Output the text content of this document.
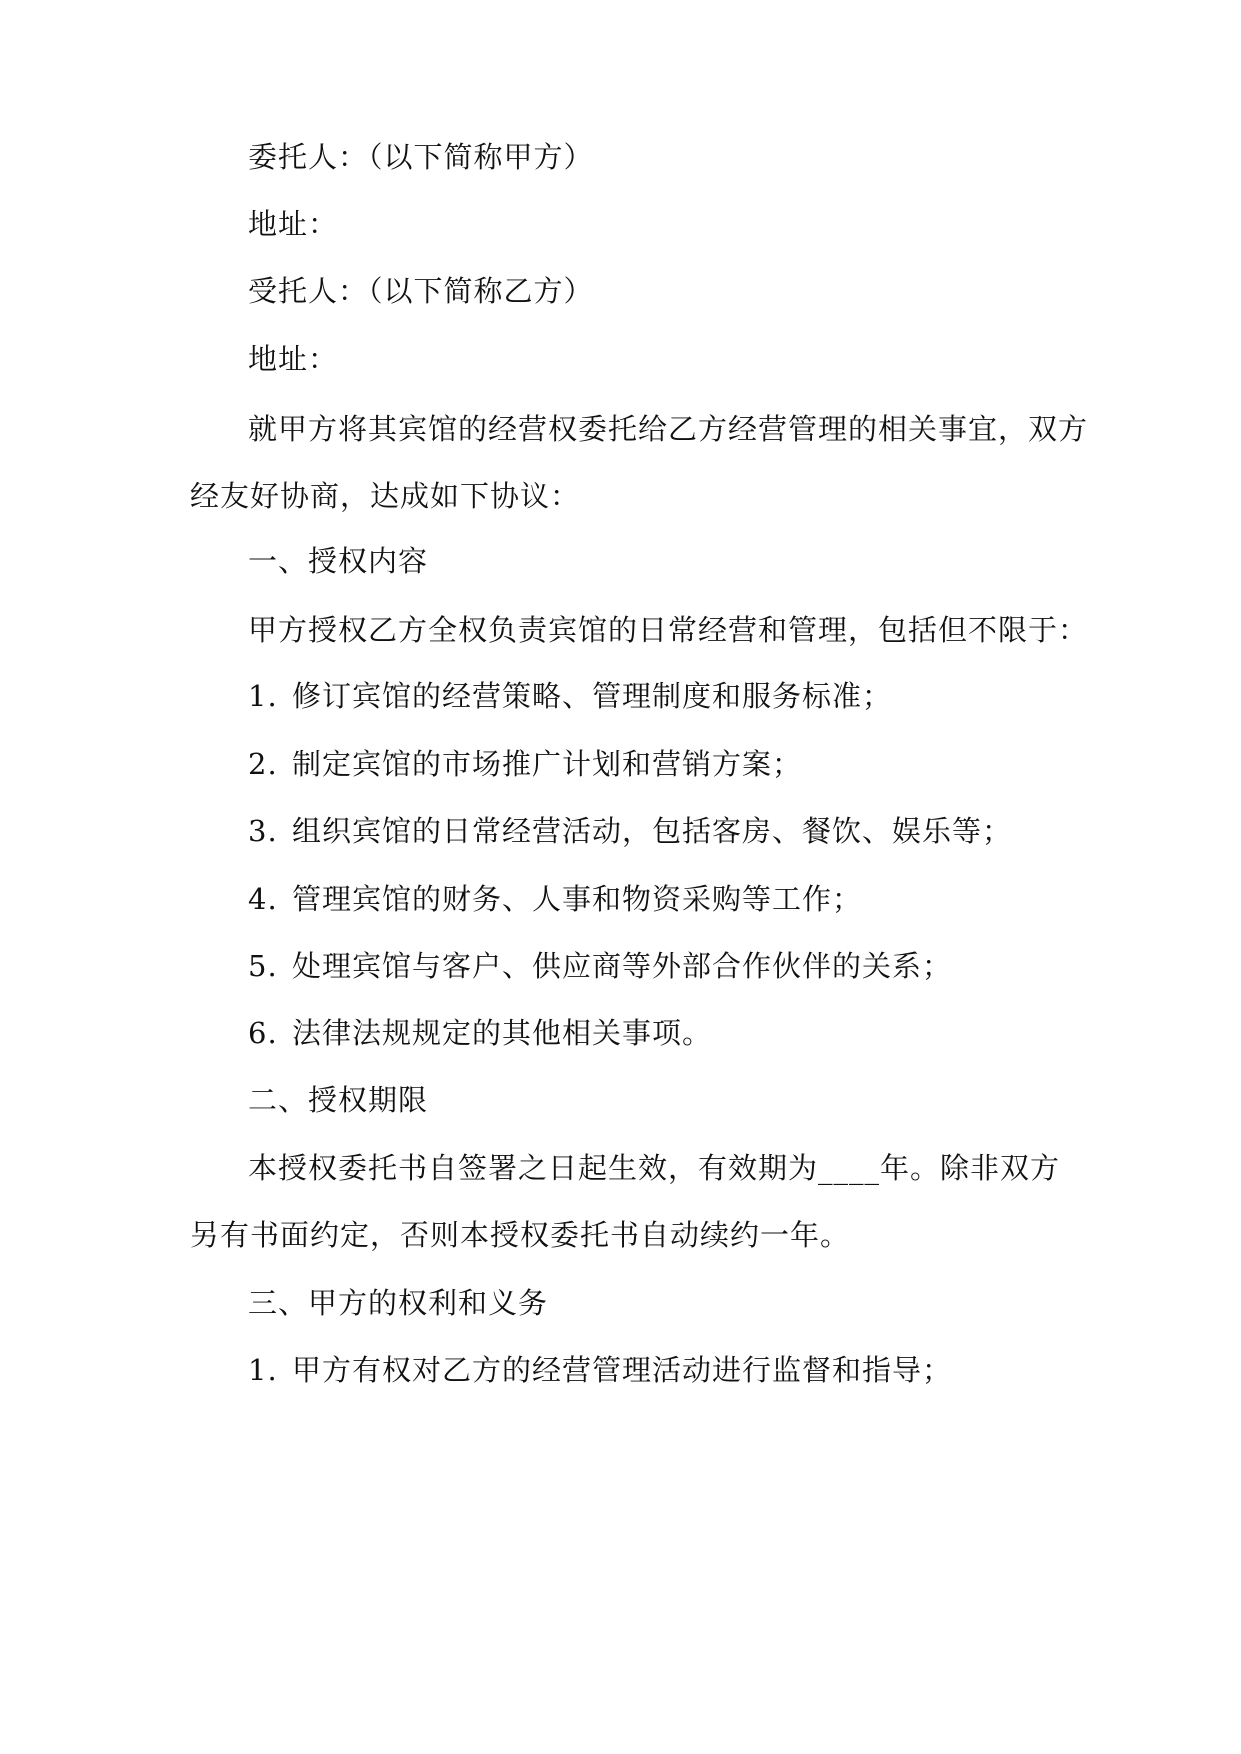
委托人：（以下简称甲方）
地址：
受托人：（以下简称乙方）
地址：
就甲方将其宾馆的经营权委托给乙方经营管理的相关事宜，双方
经友好协商，达成如下协议：
一、授权内容
甲方授权乙方全权负责宾馆的日常经营和管理，包括但不限于：
1. 修订宾馆的经营策略、管理制度和服务标准；
2. 制定宾馆的市场推广计划和营销方案；
3. 组织宾馆的日常经营活动，包括客房、餐饮、娱乐等；
4. 管理宾馆的财务、人事和物资采购等工作；
5. 处理宾馆与客户、供应商等外部合作伙伴的关系；
6. 法律法规规定的其他相关事项。
二、授权期限
本授权委托书自签署之日起生效，有效期为____年。除非双方
另有书面约定，否则本授权委托书自动续约一年。
三、甲方的权利和义务
1. 甲方有权对乙方的经营管理活动进行监督和指导；
